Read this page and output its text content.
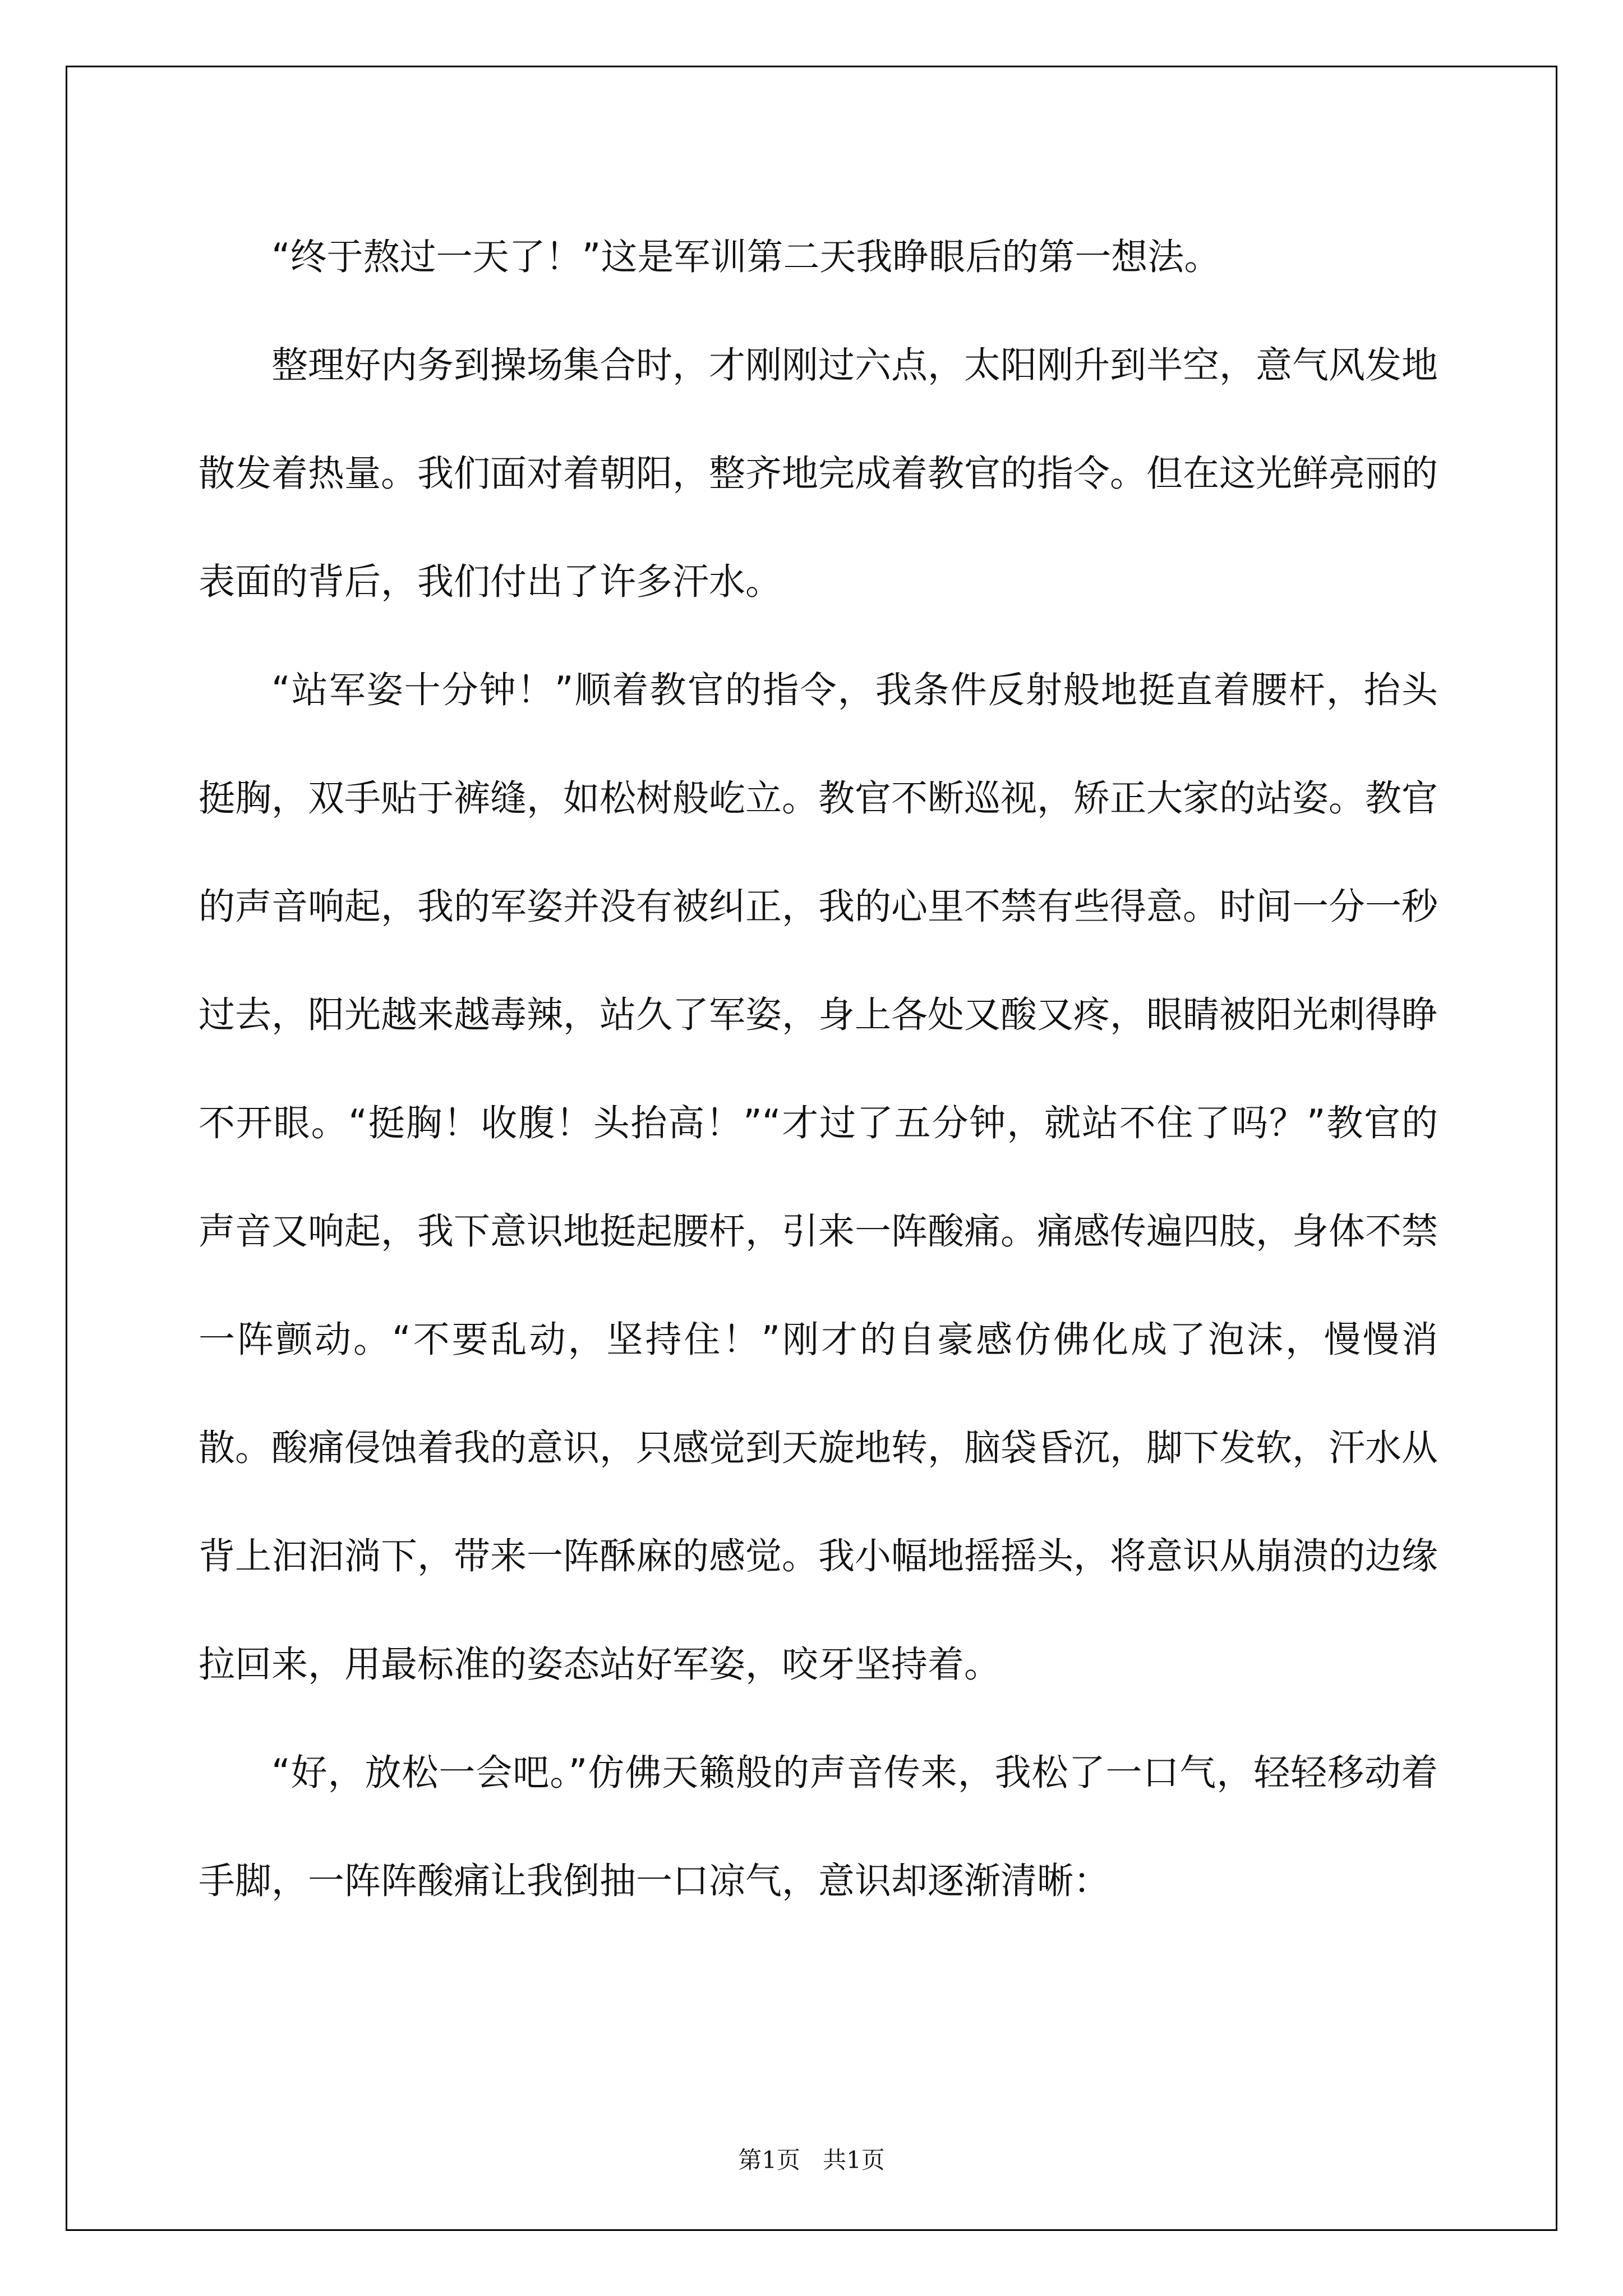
“终于熬过一天了！”这是军训第二天我睁眼后的第一想法。

整理好内务到操场集合时，才刚刚过六点，太阳刚升到半空，意气风发地散发着热量。我们面对着朝阳，整齐地完成着教官的指令。但在这光鲜亮丽的表面的背后，我们付出了许多汗水。

“站军姿十分钟！”顺着教官的指令，我条件反射般地挺直着腰杆，抬头挺胸，双手贴于裤缝，如松树般屹立。教官不断巡视，矫正大家的站姿。教官的声音响起，我的军姿并没有被纠正，我的心里不禁有些得意。时间一分一秒过去，阳光越来越毒辣，站久了军姿，身上各处又酸又疼，眼睛被阳光刺得睁不开眼。“挺胸！收腹！头抬高！”“才过了五分钟，就站不住了吗？”教官的声音又响起，我下意识地挺起腰杆，引来一阵酸痛。痛感传遍四肢，身体不禁一阵颤动。“不要乱动，坚持住！”刚才的自豪感仿佛化成了泡沫，慢慢消散。酸痛侵蚀着我的意识，只感觉到天旋地转，脑袋昏沉，脚下发软，汗水从背上汩汩淌下，带来一阵酥麻的感觉。我小幅地摇摇头，将意识从崩溃的边缘拉回来，用最标准的姿态站好军姿，咬牙坚持着。

“好，放松一会吧。”仿佛天籁般的声音传来，我松了一口气，轻轻移动着手脚，一阵阵酸痛让我倒抽一口凉气，意识却逐渐清晰：

第1页   共1页
